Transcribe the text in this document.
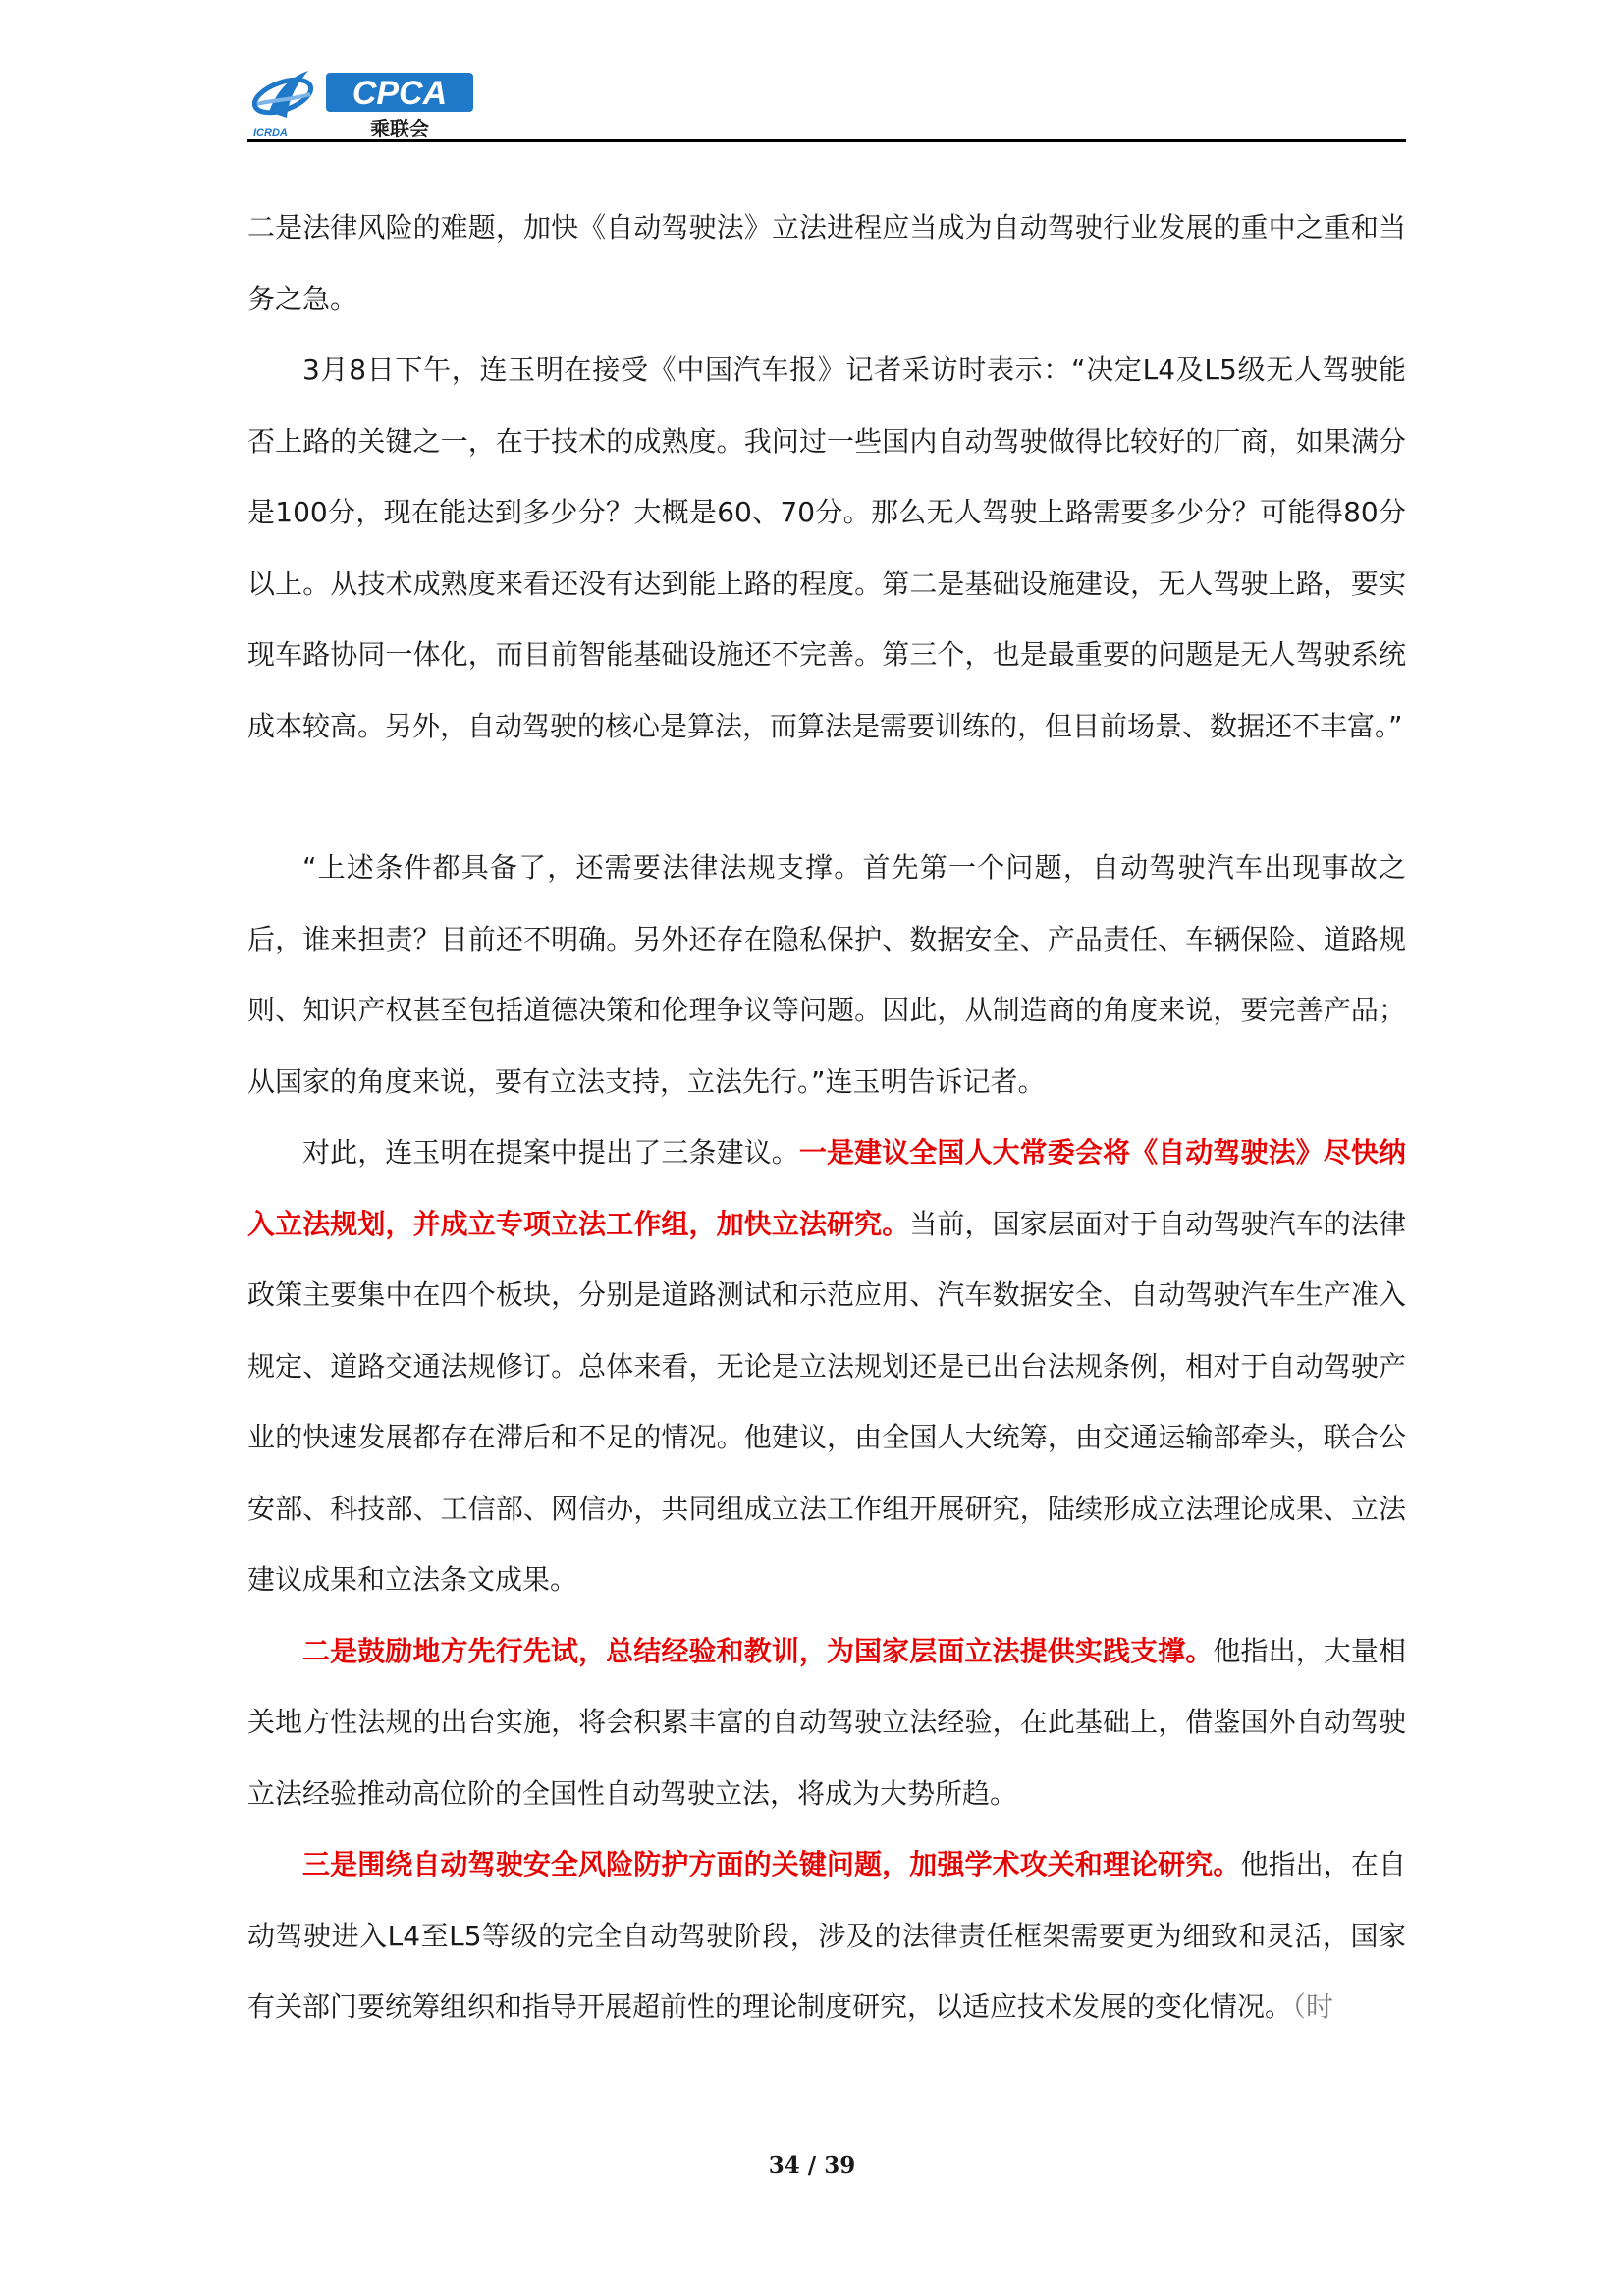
ICRDA
CPCA
乘联会

二是法律风险的难题，加快《自动驾驶法》立法进程应当成为自动驾驶行业发展的重中之重和当务之急。

3月8日下午，连玉明在接受《中国汽车报》记者采访时表示：“决定L4及L5级无人驾驶能否上路的关键之一，在于技术的成熟度。我问过一些国内自动驾驶做得比较好的厂商，如果满分是100分，现在能达到多少分？大概是60、70分。那么无人驾驶上路需要多少分？可能得80分以上。从技术成熟度来看还没有达到能上路的程度。第二是基础设施建设，无人驾驶上路，要实现车路协同一体化，而目前智能基础设施还不完善。第三个，也是最重要的问题是无人驾驶系统成本较高。另外，自动驾驶的核心是算法，而算法是需要训练的，但目前场景、数据还不丰富。”

“上述条件都具备了，还需要法律法规支撑。首先第一个问题，自动驾驶汽车出现事故之后，谁来担责？目前还不明确。另外还存在隐私保护、数据安全、产品责任、车辆保险、道路规则、知识产权甚至包括道德决策和伦理争议等问题。因此，从制造商的角度来说，要完善产品；从国家的角度来说，要有立法支持，立法先行。”连玉明告诉记者。

对此，连玉明在提案中提出了三条建议。一是建议全国人大常委会将《自动驾驶法》尽快纳入立法规划，并成立专项立法工作组，加快立法研究。当前，国家层面对于自动驾驶汽车的法律政策主要集中在四个板块，分别是道路测试和示范应用、汽车数据安全、自动驾驶汽车生产准入规定、道路交通法规修订。总体来看，无论是立法规划还是已出台法规条例，相对于自动驾驶产业的快速发展都存在滞后和不足的情况。他建议，由全国人大统筹，由交通运输部牵头，联合公安部、科技部、工信部、网信办，共同组成立法工作组开展研究，陆续形成立法理论成果、立法建议成果和立法条文成果。

二是鼓励地方先行先试，总结经验和教训，为国家层面立法提供实践支撑。他指出，大量相关地方性法规的出台实施，将会积累丰富的自动驾驶立法经验，在此基础上，借鉴国外自动驾驶立法经验推动高位阶的全国性自动驾驶立法，将成为大势所趋。

三是围绕自动驾驶安全风险防护方面的关键问题，加强学术攻关和理论研究。他指出，在自动驾驶进入L4至L5等级的完全自动驾驶阶段，涉及的法律责任框架需要更为细致和灵活，国家有关部门要统筹组织和指导开展超前性的理论制度研究，以适应技术发展的变化情况。（时

34 / 39
